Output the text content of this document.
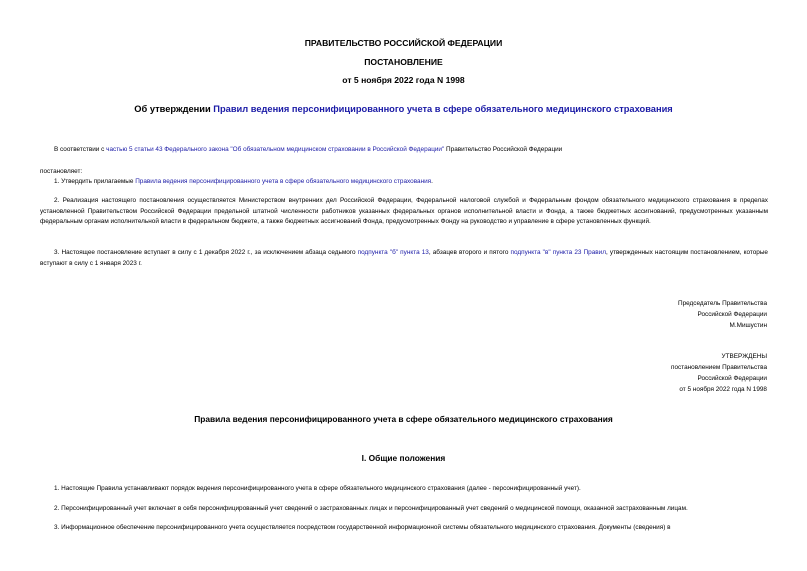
ПРАВИТЕЛЬСТВО РОССИЙСКОЙ ФЕДЕРАЦИИ
ПОСТАНОВЛЕНИЕ
от 5 ноября 2022 года N 1998
Об утверждении Правил ведения персонифицированного учета в сфере обязательного медицинского страхования
В соответствии с частью 5 статьи 43 Федерального закона "Об обязательном медицинском страховании в Российской Федерации" Правительство Российской Федерации
постановляет:
1. Утвердить прилагаемые Правила ведения персонифицированного учета в сфере обязательного медицинского страхования.
2. Реализация настоящего постановления осуществляется Министерством внутренних дел Российской Федерации, Федеральной налоговой службой и Федеральным фондом обязательного медицинского страхования в пределах установленной Правительством Российской Федерации предельной штатной численности работников указанных федеральных органов исполнительной власти и Фонда, а также бюджетных ассигнований, предусмотренных указанным федеральным органам исполнительной власти в федеральном бюджете, а также бюджетных ассигнований Фонда, предусмотренных Фонду на руководство и управление в сфере установленных функций.
3. Настоящее постановление вступает в силу с 1 декабря 2022 г., за исключением абзаца седьмого подпункта "б" пункта 13, абзацев второго и пятого подпункта "в" пункта 23 Правил, утвержденных настоящим постановлением, которые вступают в силу с 1 января 2023 г.
Председатель Правительства
Российской Федерации
М.Мишустин
УТВЕРЖДЕНЫ
постановлением Правительства
Российской Федерации
от 5 ноября 2022 года N 1998
Правила ведения персонифицированного учета в сфере обязательного медицинского страхования
I. Общие положения
1. Настоящие Правила устанавливают порядок ведения персонифицированного учета в сфере обязательного медицинского страхования (далее - персонифицированный учет).
2. Персонифицированный учет включает в себя персонифицированный учет сведений о застрахованных лицах и персонифицированный учет сведений о медицинской помощи, оказанной застрахованным лицам.
3. Информационное обеспечение персонифицированного учета осуществляется посредством государственной информационной системы обязательного медицинского страхования. Документы (сведения) в
